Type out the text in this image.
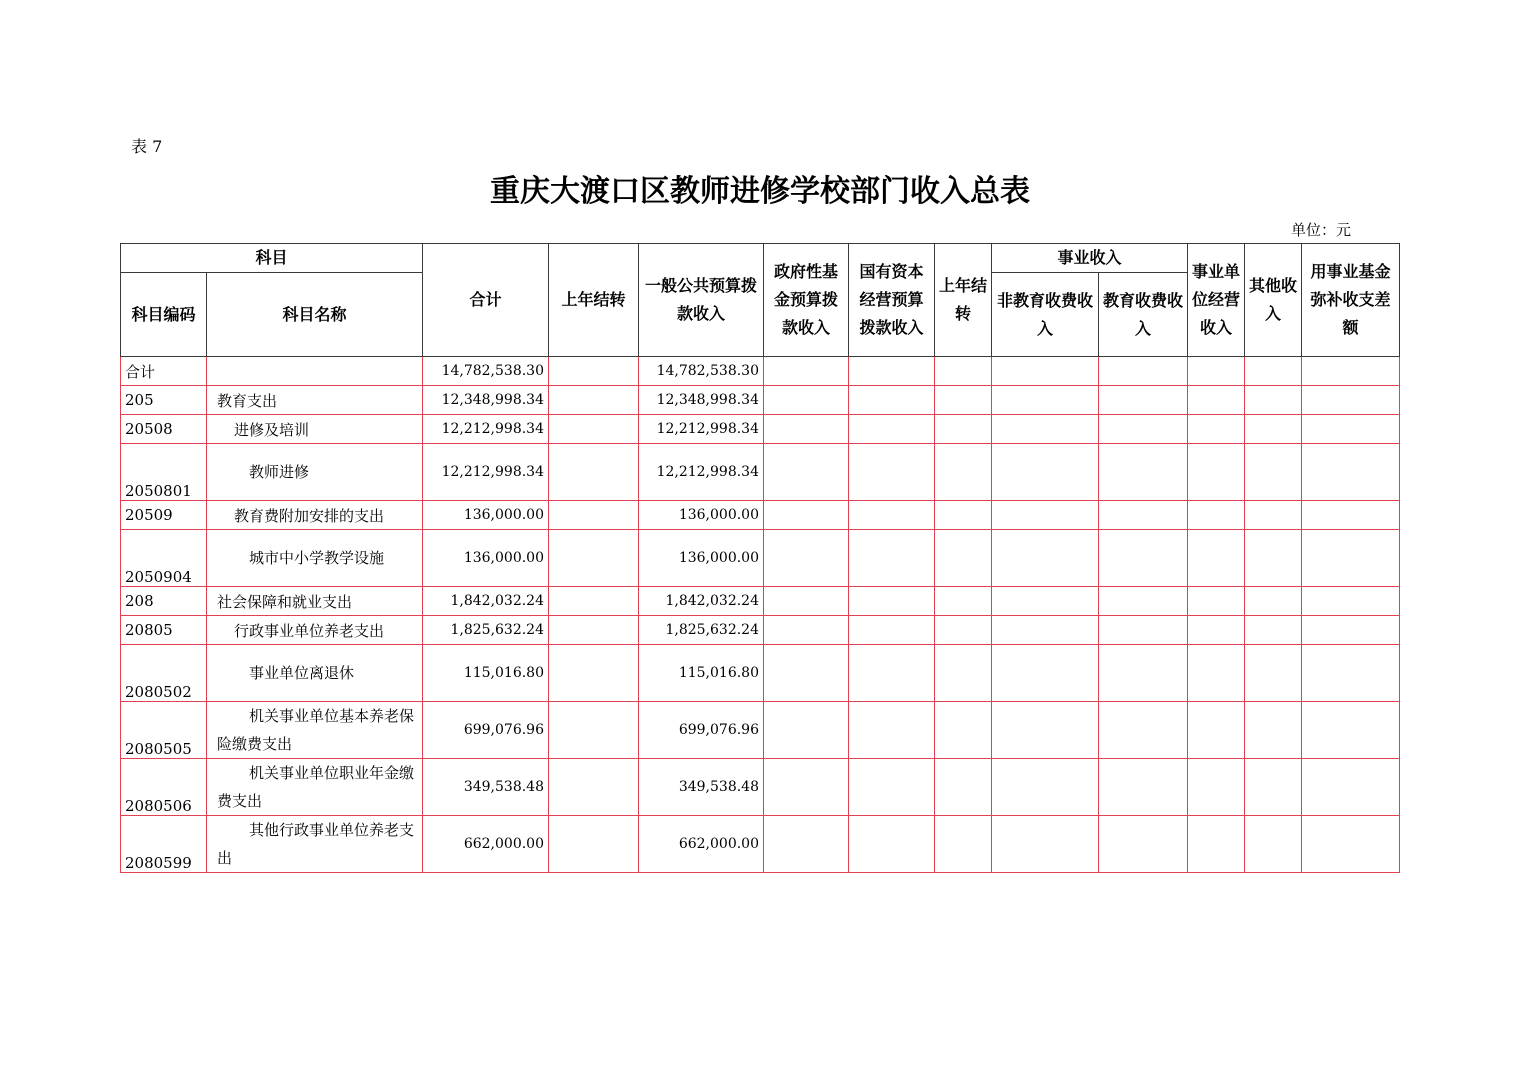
表 7
重庆大渡口区教师进修学校部门收入总表
单位：元
科目		合计	上年结转	一般公共预算拨款收入	政府性基金预算拨款收入	国有资本经营预算拨款收入	上年结转	事业收入		事业单位经营收入	其他收入	用事业基金弥补收支差额
科目编码	科目名称							非教育收费收入	教育收费收入			
合计		14,782,538.30		14,782,538.30								
205	教育支出	12,348,998.34		12,348,998.34								
20508	进修及培训	12,212,998.34		12,212,998.34								
2050801	教师进修	12,212,998.34		12,212,998.34								
20509	教育费附加安排的支出	136,000.00		136,000.00								
2050904	城市中小学教学设施	136,000.00		136,000.00								
208	社会保障和就业支出	1,842,032.24		1,842,032.24								
20805	行政事业单位养老支出	1,825,632.24		1,825,632.24								
2080502	事业单位离退休	115,016.80		115,016.80								
2080505	机关事业单位基本养老保险缴费支出	699,076.96		699,076.96								
2080506	机关事业单位职业年金缴费支出	349,538.48		349,538.48								
2080599	其他行政事业单位养老支出	662,000.00		662,000.00								
